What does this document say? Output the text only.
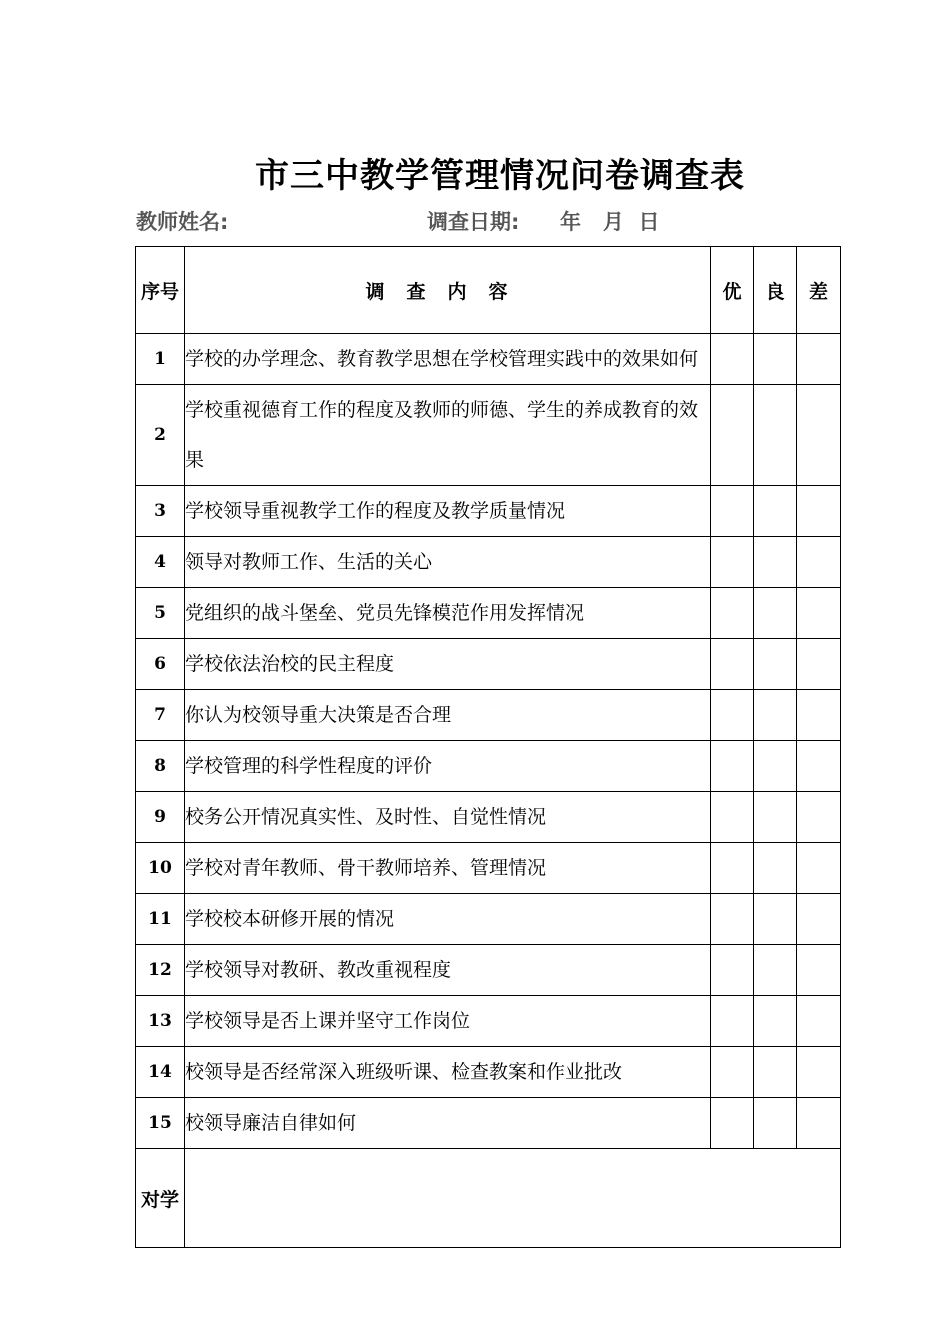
市三中教学管理情况问卷调查表
教师姓名:	调查日期: 年   月  日
序号	调查内容	优	良	差
1	学校的办学理念、教育教学思想在学校管理实践中的效果如何			
2	学校重视德育工作的程度及教师的师德、学生的养成教育的效果			
3	学校领导重视教学工作的程度及教学质量情况			
4	领导对教师工作、生活的关心			
5	党组织的战斗堡垒、党员先锋模范作用发挥情况			
6	学校依法治校的民主程度			
7	你认为校领导重大决策是否合理			
8	学校管理的科学性程度的评价			
9	校务公开情况真实性、及时性、自觉性情况			
10	学校对青年教师、骨干教师培养、管理情况			
11	学校校本研修开展的情况			
12	学校领导对教研、教改重视程度			
13	学校领导是否上课并坚守工作岗位			
14	校领导是否经常深入班级听课、检查教案和作业批改			
15	校领导廉洁自律如何			
对学				
